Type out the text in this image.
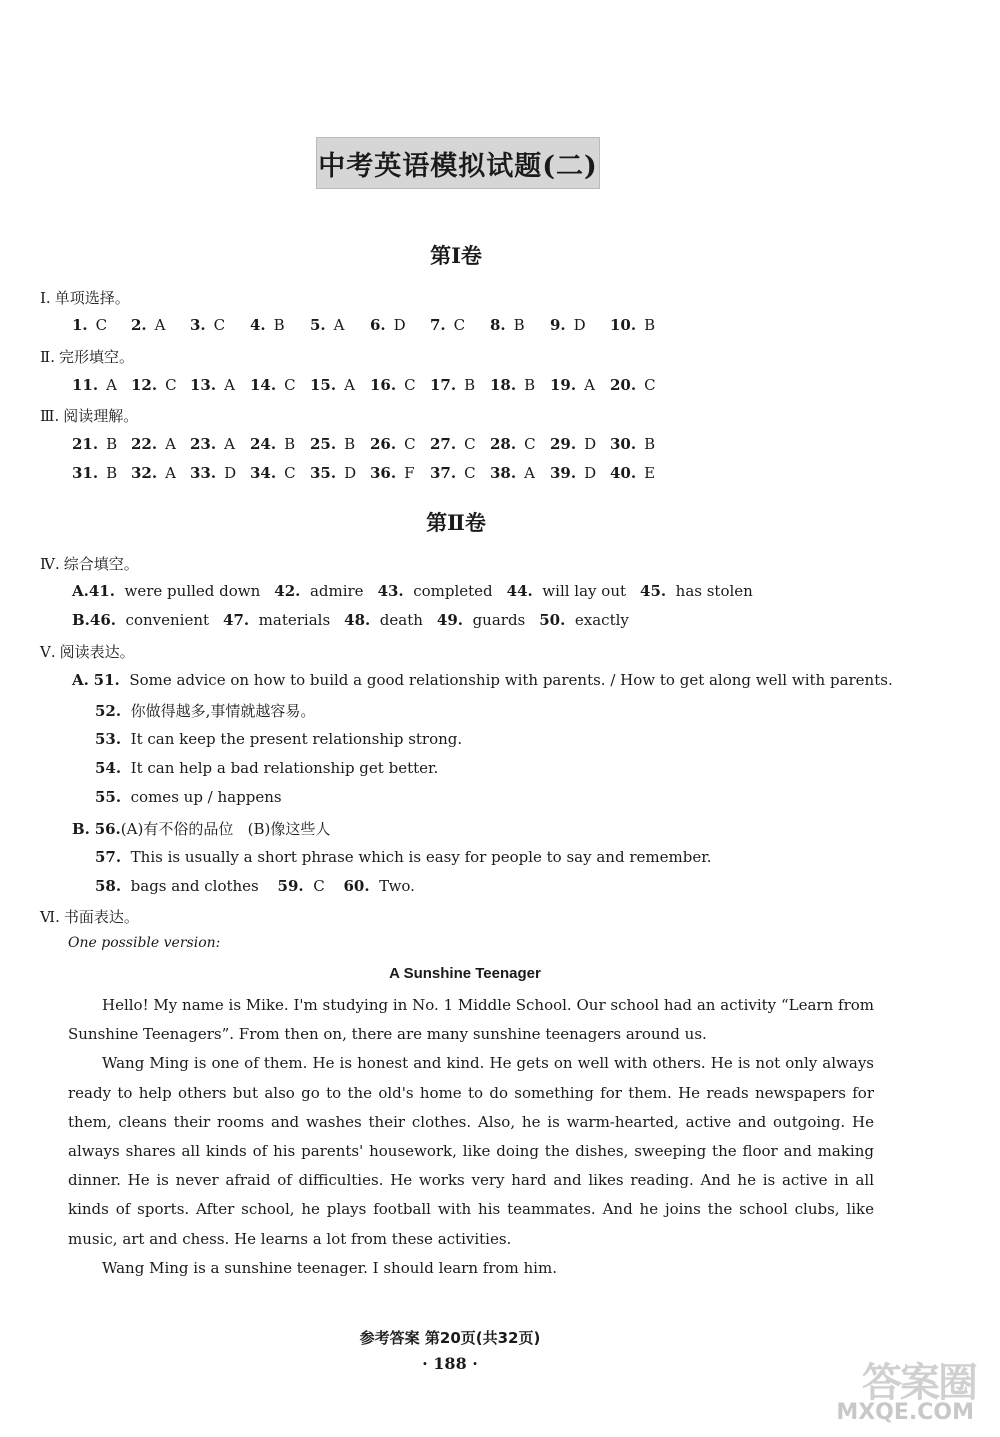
中考英语模拟试题(二)
第Ⅰ卷
Ⅰ. 单项选择。
1. C 2. A 3. C 4. B 5. A 6. D 7. C 8. B 9. D 10. B
Ⅱ. 完形填空。
11. A 12. C 13. A 14. C 15. A 16. C 17. B 18. B 19. A 20. C
Ⅲ. 阅读理解。
21. B 22. A 23. A 24. B 25. B 26. C 27. C 28. C 29. D 30. B
31. B 32. A 33. D 34. C 35. D 36. F 37. C 38. A 39. D 40. E
第Ⅱ卷
Ⅳ. 综合填空。
A.41.  were pulled down 42.  admire 43.  completed 44.  will lay out 45.  has stolen
B.46.  convenient 47.  materials 48.  death 49.  guards 50.  exactly
Ⅴ. 阅读表达。
A. 51. Some advice on how to build a good relationship with parents. / How to get along well with parents.
52. 你做得越多,事情就越容易。
53. It can keep the present relationship strong.
54. It can help a bad relationship get better.
55. comes up / happens
B. 56.(A)有不俗的品位   (B)像这些人
57. This is usually a short phrase which is easy for people to say and remember.
58. bags and clothes 59. C 60. Two.
Ⅵ. 书面表达。
One possible version:
A Sunshine Teenager

Hello! My name is Mike. I'm studying in No. 1 Middle School. Our school had an activity “Learn from Sunshine Teenagers”. From then on, there are many sunshine teenagers around us.

Wang Ming is one of them. He is honest and kind. He gets on well with others. He is not only always ready to help others but also go to the old's home to do something for them. He reads newspapers for them, cleans their rooms and washes their clothes. Also, he is warm-hearted, active and outgoing. He always shares all kinds of his parents' housework, like doing the dishes, sweeping the floor and making dinner. He is never afraid of difficulties. He works very hard and likes reading. And he is active in all kinds of sports. After school, he plays football with his teammates. And he joins the school clubs, like music, art and chess. He learns a lot from these activities.

Wang Ming is a sunshine teenager. I should learn from him.

参考答案 第20页(共32页)
· 188 ·	答案圈
MXQE.COM
